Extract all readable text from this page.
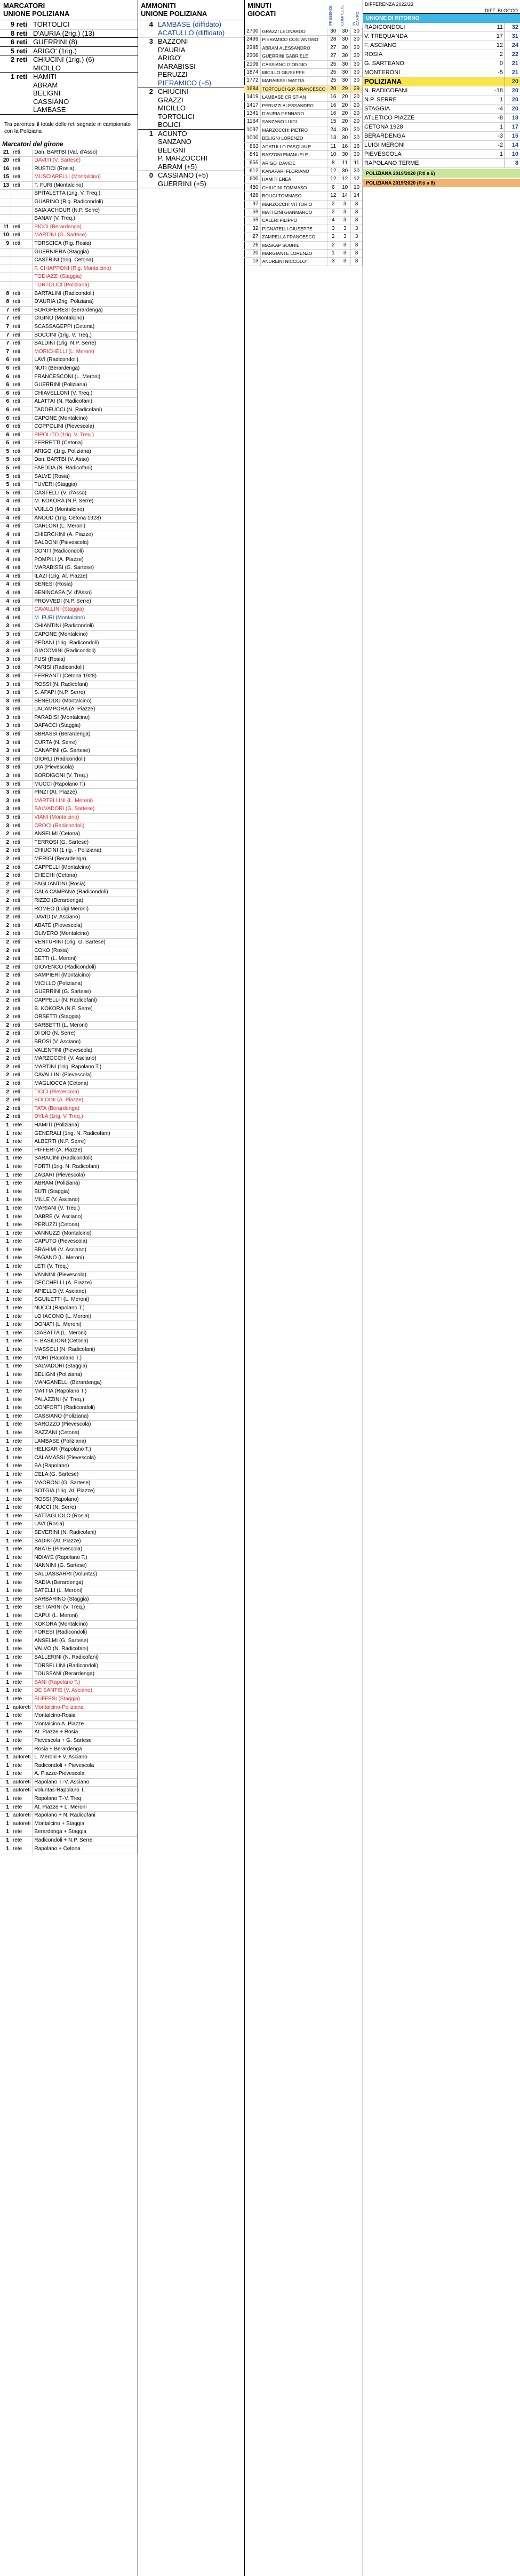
MARCATORI
UNIONE POLIZIANA
9 reti	TORTOLICI
8 reti	D'AURIA (2rig.) (13)
6 reti	GUERRINI (8)
5 reti	ARIGO' (1rig.)
2 reti	CHIUCINI (1rig.) (6)
	MICILLO
1 reti	HAMITI
	ABRAM
	BELIGNI
	CASSIANO
	LAMBASE
Tra parentesi il totale delle reti segnate in campionato con la Poliziana
Marcatori del girone
21	reti	Dan. BARTBI (Val. d'Asso)
20	reti	DAVITI (V. Sartese)
16	reti	RUSTICI (Rosia)
15	reti	MUSCIARELLI (Montalcino)
13	reti	T. FURI (Montalcino)
		SPITALETTA (1rig. V. Treq.)
		GUARINO (Rig. Radicondoli)
		SAIA ACHOUR (N.P. Serre)
		BANAY (V. Treq.)
11	reti	PICCI (Berardenga)
10	reti	MARTINI (G. Sartese)
9	reti	TORSCICA (Rig. Rosia)
		GUERNIERA (Staggia)
		CASTRINI (1rig. Cetona)
		F. CHIAPPONI (Rig. Montalcino)
		TODIAZZI (Staggia)
		TORTOLICI (Poliziana)
8	reti	BARTALINI (Radicondoli)
8	reti	D'AURIA (2rig. Poliziana)
7	reti	BORGHERESI (Berardenga)
7	reti	CIGINO (Montalcino)
7	reti	SCASSAGEPPI (Cetona)
7	reti	BOCCINI (1rig. V. Treq.)
7	reti	BALDINI (1rig. N.P. Serre)
7	reti	MORICHELLI (L. Meroni)
6	reti	LAVI (Radicondoli)
6	reti	NUTI (Berardenga)
6	reti	FRANCESCONI (L. Meroni)
6	reti	GUERRINI (Poliziana)
6	reti	CHIAVELLONI (V. Treq.)
6	reti	ALATTAI (N. Radicofani)
6	reti	TADDEUCCI (N. Radicofani)
6	reti	CAPONE (Montalcino)
6	reti	COPPOLINI (Pievescola)
6	reti	PIPOLITO (1rig. V. Treq.)
5	reti	FERRETTI (Cetona)
5	reti	ARIGO' (1rig. Poliziana)
5	reti	Dan. BARTBI (V. Asso)
5	reti	FAEDDA (N. Radicofani)
5	reti	SALVE (Rosia)
5	reti	TUVERI (Staggia)
5	reti	CASTELLI (V. d'Asso)
4	reti	M. KOKORA (N.P. Serre)
4	reti	VUILLO (Montalcino)
4	reti	ANOUD (1rig. Cetona 1928)
4	reti	CARLONI (L. Meroni)
4	reti	CHIERCHINI (A. Piazze)
4	reti	BALDONI (Pievescola)
4	reti	CONTI (Radicondoli)
4	reti	POMPILI (A. Piazze)
4	reti	MARABISSI (G. Sartese)
4	reti	ILAZI (1rig. Al. Piazze)
4	reti	SENESI (Rosia)
4	reti	BENINCASA (V. d'Asso)
4	reti	PROVVEDI (N.P. Serre)
4	reti	CAVALLINI (Staggia)
4	reti	M. FURI (Montalcino)
3	reti	CHIANTINI (Radicondoli)
3	reti	CAPONE (Montalcino)
3	reti	PEDANI (1rig. Radicondoli)
3	reti	GIACOMINI (Radicondoli)
3	reti	FUSI (Rosia)
3	reti	PARISI (Radicondoli)
3	reti	FERRANTI (Cetona 1928)
3	reti	ROSSI (N. Radicofani)
3	reti	S. APAPI (N.P. Serre)
3	reti	BENEDDO (Montalcino)
3	reti	LACAMPORA (A. Piazze)
3	reti	PARADISI (Montalcino)
3	reti	DAFACCI (Staggia)
3	reti	SBRASSI (Berardenga)
3	reti	CURTA (N. Serre)
3	reti	CANAPINI (G. Sartese)
3	reti	GIORLI (Radicondoli)
3	reti	DIA (Pievescola)
3	reti	BORDIGONI (V. Treq.)
3	reti	MUCCI (Rapolano T.)
3	reti	PINZI (At. Piazze)
3	reti	MARTELLINI (L. Meroni)
3	reti	SALVADORI (G. Sartese)
3	reti	VIANI (Montalcino)
3	reti	CROCI (Radicondoli)
2	reti	ANSELMI (Cetona)
2	reti	TERROSI (G. Sartese)
2	reti	CHIUCINI (1 rig. - Poliziana)
2	reti	MERIGI (Berardenga)
2	reti	CAPPELLI (Montalcino)
2	reti	CHECHI (Cetona)
2	reti	FAGLIANTINI (Rosia)
2	reti	CALA CAMPANA (Radicondoli)
2	reti	RIZZO (Berardenga)
2	reti	ROMEO (Luigi Meroni)
2	reti	DAVID (V. Asciano)
2	reti	ABATE (Pievescola)
2	reti	OLIVERO (Montalcino)
2	reti	VENTURINI (1rig. G. Sartese)
2	reti	COKO (Rosia)
2	reti	BETTI (L. Meroni)
2	reti	GIOVENCO (Radicondoli)
2	reti	SAMPIERI (Montalcino)
2	reti	MICILLO (Poliziana)
2	reti	GUERRINI (G. Sartese)
2	reti	CAPPELLI (N. Radicofani)
2	reti	B. KOKORA (N.P. Serre)
2	reti	ORSETTI (Staggia)
2	reti	BARBETTI (L. Meroni)
2	reti	DI DIO (N. Serre)
2	reti	BROSI (V. Asciano)
2	reti	VALENTINI (Pievescola)
2	reti	MARZOCCHI (V. Asciano)
2	reti	MARTINI (1rig. Rapolano T.)
2	reti	CAVALLINI (Pievescola)
2	reti	MAGLIOCCA (Cetona)
2	reti	TICCI (Pievescola)
2	reti	BOLDINI (A. Piazze)
2	reti	TATA (Berardenga)
2	reti	DYLA (1rig. V. Treq.)
1	rete	HAMITI (Poliziana)
1	rete	GENERALI (1rig. N. Radicofani)
1	rete	ALBERTI (N.P. Serre)
1	rete	PIFFERI (A. Piazze)
1	rete	SARACINI (Radicondoli)
1	rete	FORTI (1rig. N. Radicofani)
1	rete	ZAGARI (Pievescola)
1	rete	ABRAM (Poliziana)
1	rete	BUTI (Staggia)
1	rete	MILLE (V. Asciano)
1	rete	MARIANI (V. Treq.)
1	rete	DABRE (V. Asciano)
1	rete	PERUZZI (Cetona)
1	rete	VANNUZZI (Montalcino)
1	rete	CAPUTO (Pievescola)
1	rete	BRAHIMI (V. Asciano)
1	rete	PAGANO (L. Meroni)
1	rete	LETI (V. Treq.)
1	rete	VANNINI (Pievescola)
1	rete	CECCHELLI (A. Piazze)
1	rete	APIELLO (V. Asciano)
1	rete	SGUILETTI (L. Meroni)
1	rete	NUCCI (Rapolano T.)
1	rete	LO IACONO (L. Meroni)
1	rete	DONATI (L. Meroni)
1	rete	CIABATTA (L. Meroni)
1	rete	F. BASILIONI (Cetona)
1	rete	MASSOLI (N. Radicofani)
1	rete	MORI (Rapolano T.)
1	rete	SALVADORI (Staggia)
1	rete	BELIGNI (Poliziana)
1	rete	MANGANELLI (Berardenga)
1	rete	MATTIA (Rapolano T.)
1	rete	PALAZZINI (V. Treq.)
1	rete	CONFORTI (Radicondoli)
1	rete	CASSIANO (Poliziana)
1	rete	BAROZZO (Pievescola)
1	rete	RAZZANI (Cetona)
1	rete	LAMBASE (Poliziana)
1	rete	HELIGAR (Rapolano T.)
1	rete	CALAMASSI (Pievescola)
1	rete	BA (Rapolano)
1	rete	CELA (G. Sartese)
1	rete	MAORONI (G. Sartese)
1	rete	SOTGIA (1rig. At. Piazze)
1	rete	ROSSI (Rapolano)
1	rete	NUCCI (N. Serre)
1	rete	BATTAGLIOLO (Rosia)
1	rete	LAVI (Rosia)
1	rete	SEVERINI (N. Radicofani)
1	rete	SADIKI (At. Piazze)
1	rete	ABATE (Pievescola)
1	rete	NDIAYE (Rapolano T.)
1	rete	NANNINI (G. Sartese)
1	rete	BALDASSARRI (Voluntas)
1	rete	RADIA (Berardenga)
1	rete	BATELLI (L. Meroni)
1	rete	BARBARINO (Staggia)
1	rete	BETTARINI (V. Treq.)
1	rete	CAPUI (L. Meroni)
1	rete	KOKORA (Montalcino)
1	rete	FORESI (Radicondoli)
1	rete	ANSELMI (G. Sartese)
1	rete	VALVO (N. Radicofani)
1	rete	BALLERINI (N. Radicofani)
1	rete	TORSELLINI (Radicondoli)
1	rete	TOUSSANI (Berardenga)
1	rete	SANI (Rapolano T.)
1	rete	DE SANTIS (V. Asciano)
1	rete	BUFFESI (Staggia)
1	autoreti	Montalcino-Poliziana
1	rete	Montalcino-Rosia
1	rete	Montalcino A. Piazze
1	rete	At. Piazze + Rosia
1	rete	Pievescola + G. Sartese
1	rete	Rosia + Berardenga
1	autoreti	L. Meroni + V. Asciano
1	rete	Radicondoli + Pievescola
1	rete	A. Piazze-Pievescola
1	autoreti	Rapolano T.-V. Asciano
1	autoreti	Voluntas-Rapolano T.
1	rete	Rapolano T.-V. Treq.
1	rete	At. Piazze + L. Meroni
1	autoreti	Rapolano + N. Radicofani
1	autoreti	Montalcino + Staggia
1	rete	Berardenga + Staggia
1	rete	Radicondoli + N.P. Serre
1	rete	Rapolano + Cetona
AMMONITI
UNIONE POLIZIANA
4	LAMBASE (diffidato)
	ACATULLO (diffidato)
3	BAZZONI
	D'AURIA
	ARIGO'
	MARABISSI
	PERUZZI
	PIERAMICO (+5)
2	CHIUCINI
	GRAZZI
	MICILLO
	TORTOLICI
	BOLICI
1	ACUNTO
	SANZANO
	BELIGNI
	P. MARZOCCHI
	ABRAM (+5)
0	CASSIANO (+5)
	GUERRINI (+5)
MINUTI
GIOCATI	PRESENZE COMPLETE IN CAMPO
2700	GRAZZI LEONARDO	30	30	30
2499	PIERAMICO COSTANTINO	28	30	30
2385	ABRAM ALESSANDRO	27	30	30
2306	GUERRINI GABRIELE	27	30	30
2109	CASSIANO GIORGIO	25	30	30
1874	MICILLO GIUSEPPE	25	30	30
1772	MARABISSI MATTIA	25	30	30
1684	TORTOLICI G.P. FRANCESCO	20	29	29
1419	LAMBASE CRISTIAN	16	20	20
1417	PERUZZI ALESSANDRO	16	20	20
1341	D'AURIA GENNARO	16	20	20
1164	SANZANO LUIGI	15	20	20
1097	MARZOCCHI PIETRO	24	30	30
1000	BELIGNI LORENZO	13	30	30
863	ACATULLO PASQUALE	11	16	16
841	BAZZONI EMANUELE	10	30	30
655	ARIGO' DAVIDE	8	11	11
612	KANAPARI FLORIANO	12	30	30
600	HAMITI ENEA	12	12	12
480	CHIUCINI TOMMASO	6	10	10
426	BOLICI TOMMASO	12	14	14
97	MARZOCCHI VITTORIO	2	3	3
59	MATTEINI GIANMARCO	2	3	3
59	CALERI FILIPPO	4	3	3
32	PIGNATELLI GIUSEPPE	3	3	3
27	ZAMPELLA FRANCESCO	2	3	3
26	MASKAP SOUHIL	2	3	3
20	MARGIANTE LORENZO	1	3	3
13	ANDREINI NICCOLO'	3	3	3
DIFFERENZA 2022/23
DIFF. BLOCCO
UNIONE DI RITORNO
RADICONDOLI	11	32
V. TREQUANDA	17	31
F. ASCIANO	12	24
ROSIA	2	22
G. SARTEANO	0	21
MONTERONI	-5	21
POLIZIANA		20
N. RADICOFANI	-18	20
N.P. SERRE	1	20
STAGGIA	-4	20
ATLETICO PIAZZE	-8	18
CETONA 1928	1	17
BERARDENGA	-3	15
LUIGI MERONI	-2	14
PIEVESCOLA	1	10
RAPOLANO TERME		8
POLIZIANA 2019/2020 (P.ti a 6)
POLIZIANA 2019/2020 (P.ti a 8)
